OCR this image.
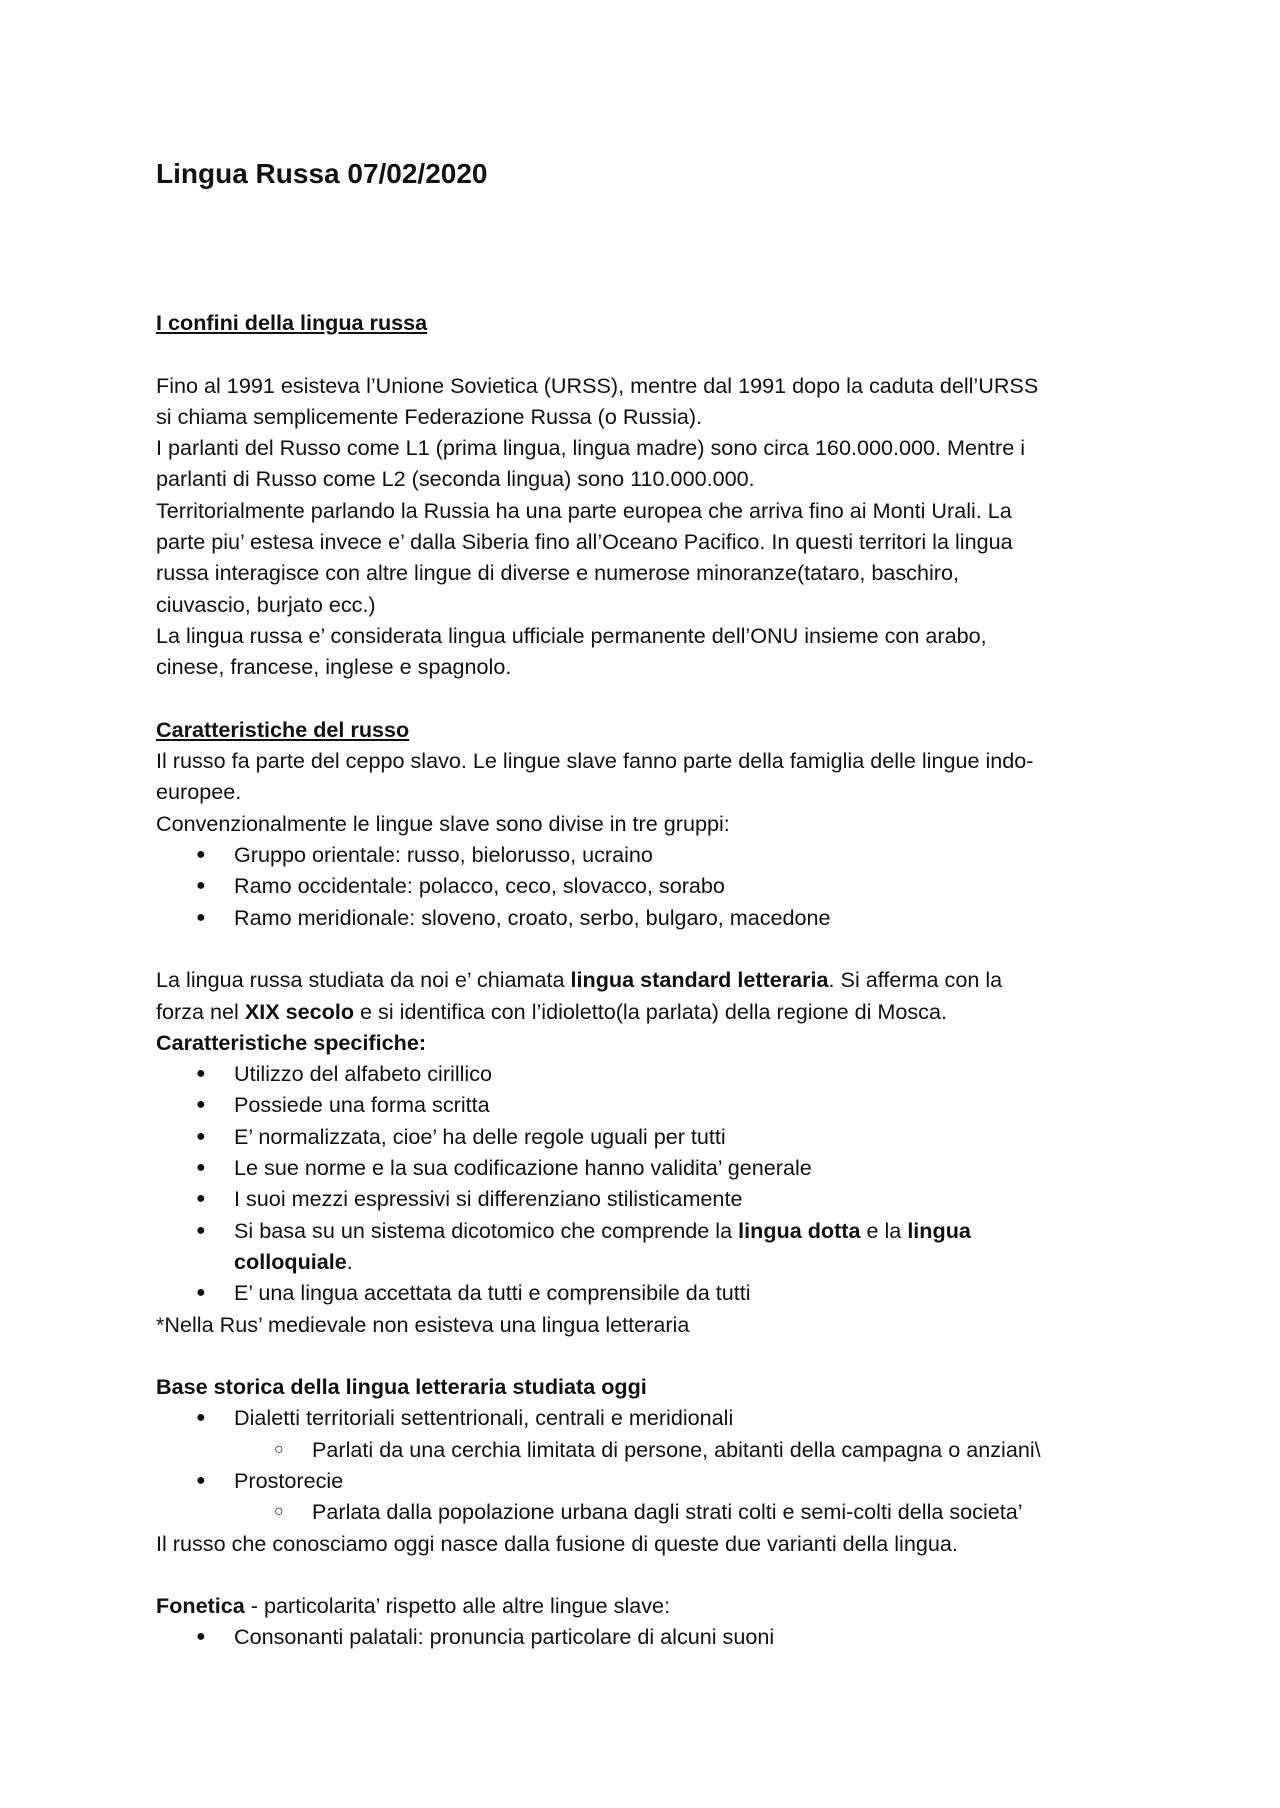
Lingua Russa 07/02/2020

I confini della lingua russa

Fino al 1991 esisteva l’Unione Sovietica (URSS), mentre dal 1991 dopo la caduta dell’URSS

si chiama semplicemente Federazione Russa (o Russia).

I parlanti del Russo come L1 (prima lingua, lingua madre) sono circa 160.000.000. Mentre i

parlanti di Russo come L2 (seconda lingua) sono 110.000.000.

Territorialmente parlando la Russia ha una parte europea che arriva fino ai Monti Urali. La

parte piu’ estesa invece e’ dalla Siberia fino all’Oceano Pacifico. In questi territori la lingua

russa interagisce con altre lingue di diverse e numerose minoranze(tataro, baschiro,

ciuvascio, burjato ecc.)

La lingua russa e’ considerata lingua ufficiale permanente dell’ONU insieme con arabo,

cinese, francese, inglese e spagnolo.

Caratteristiche del russo

Il russo fa parte del ceppo slavo. Le lingue slave fanno parte della famiglia delle lingue indo-

europee.

Convenzionalmente le lingue slave sono divise in tre gruppi:

● Gruppo orientale: russo, bielorusso, ucraino
● Ramo occidentale: polacco, ceco, slovacco, sorabo
● Ramo meridionale: sloveno, croato, serbo, bulgaro, macedone

La lingua russa studiata da noi e’ chiamata lingua standard letteraria. Si afferma con la

forza nel XIX secolo e si identifica con l’idioletto(la parlata) della regione di Mosca.

Caratteristiche specifiche:

● Utilizzo del alfabeto cirillico
● Possiede una forma scritta
● E’ normalizzata, cioe’ ha delle regole uguali per tutti
● Le sue norme e la sua codificazione hanno validita’ generale
● I suoi mezzi espressivi si differenziano stilisticamente
● Si basa su un sistema dicotomico che comprende la lingua dotta e la lingua
colloquiale.
● E’ una lingua accettata da tutti e comprensibile da tutti

*Nella Rus’ medievale non esisteva una lingua letteraria

Base storica della lingua letteraria studiata oggi

● Dialetti territoriali settentrionali, centrali e meridionali
○ Parlati da una cerchia limitata di persone, abitanti della campagna o anziani\
● Prostorecie
○ Parlata dalla popolazione urbana dagli strati colti e semi-colti della societa’

Il russo che conosciamo oggi nasce dalla fusione di queste due varianti della lingua.

Fonetica - particolarita’ rispetto alle altre lingue slave:

● Consonanti palatali: pronuncia particolare di alcuni suoni
